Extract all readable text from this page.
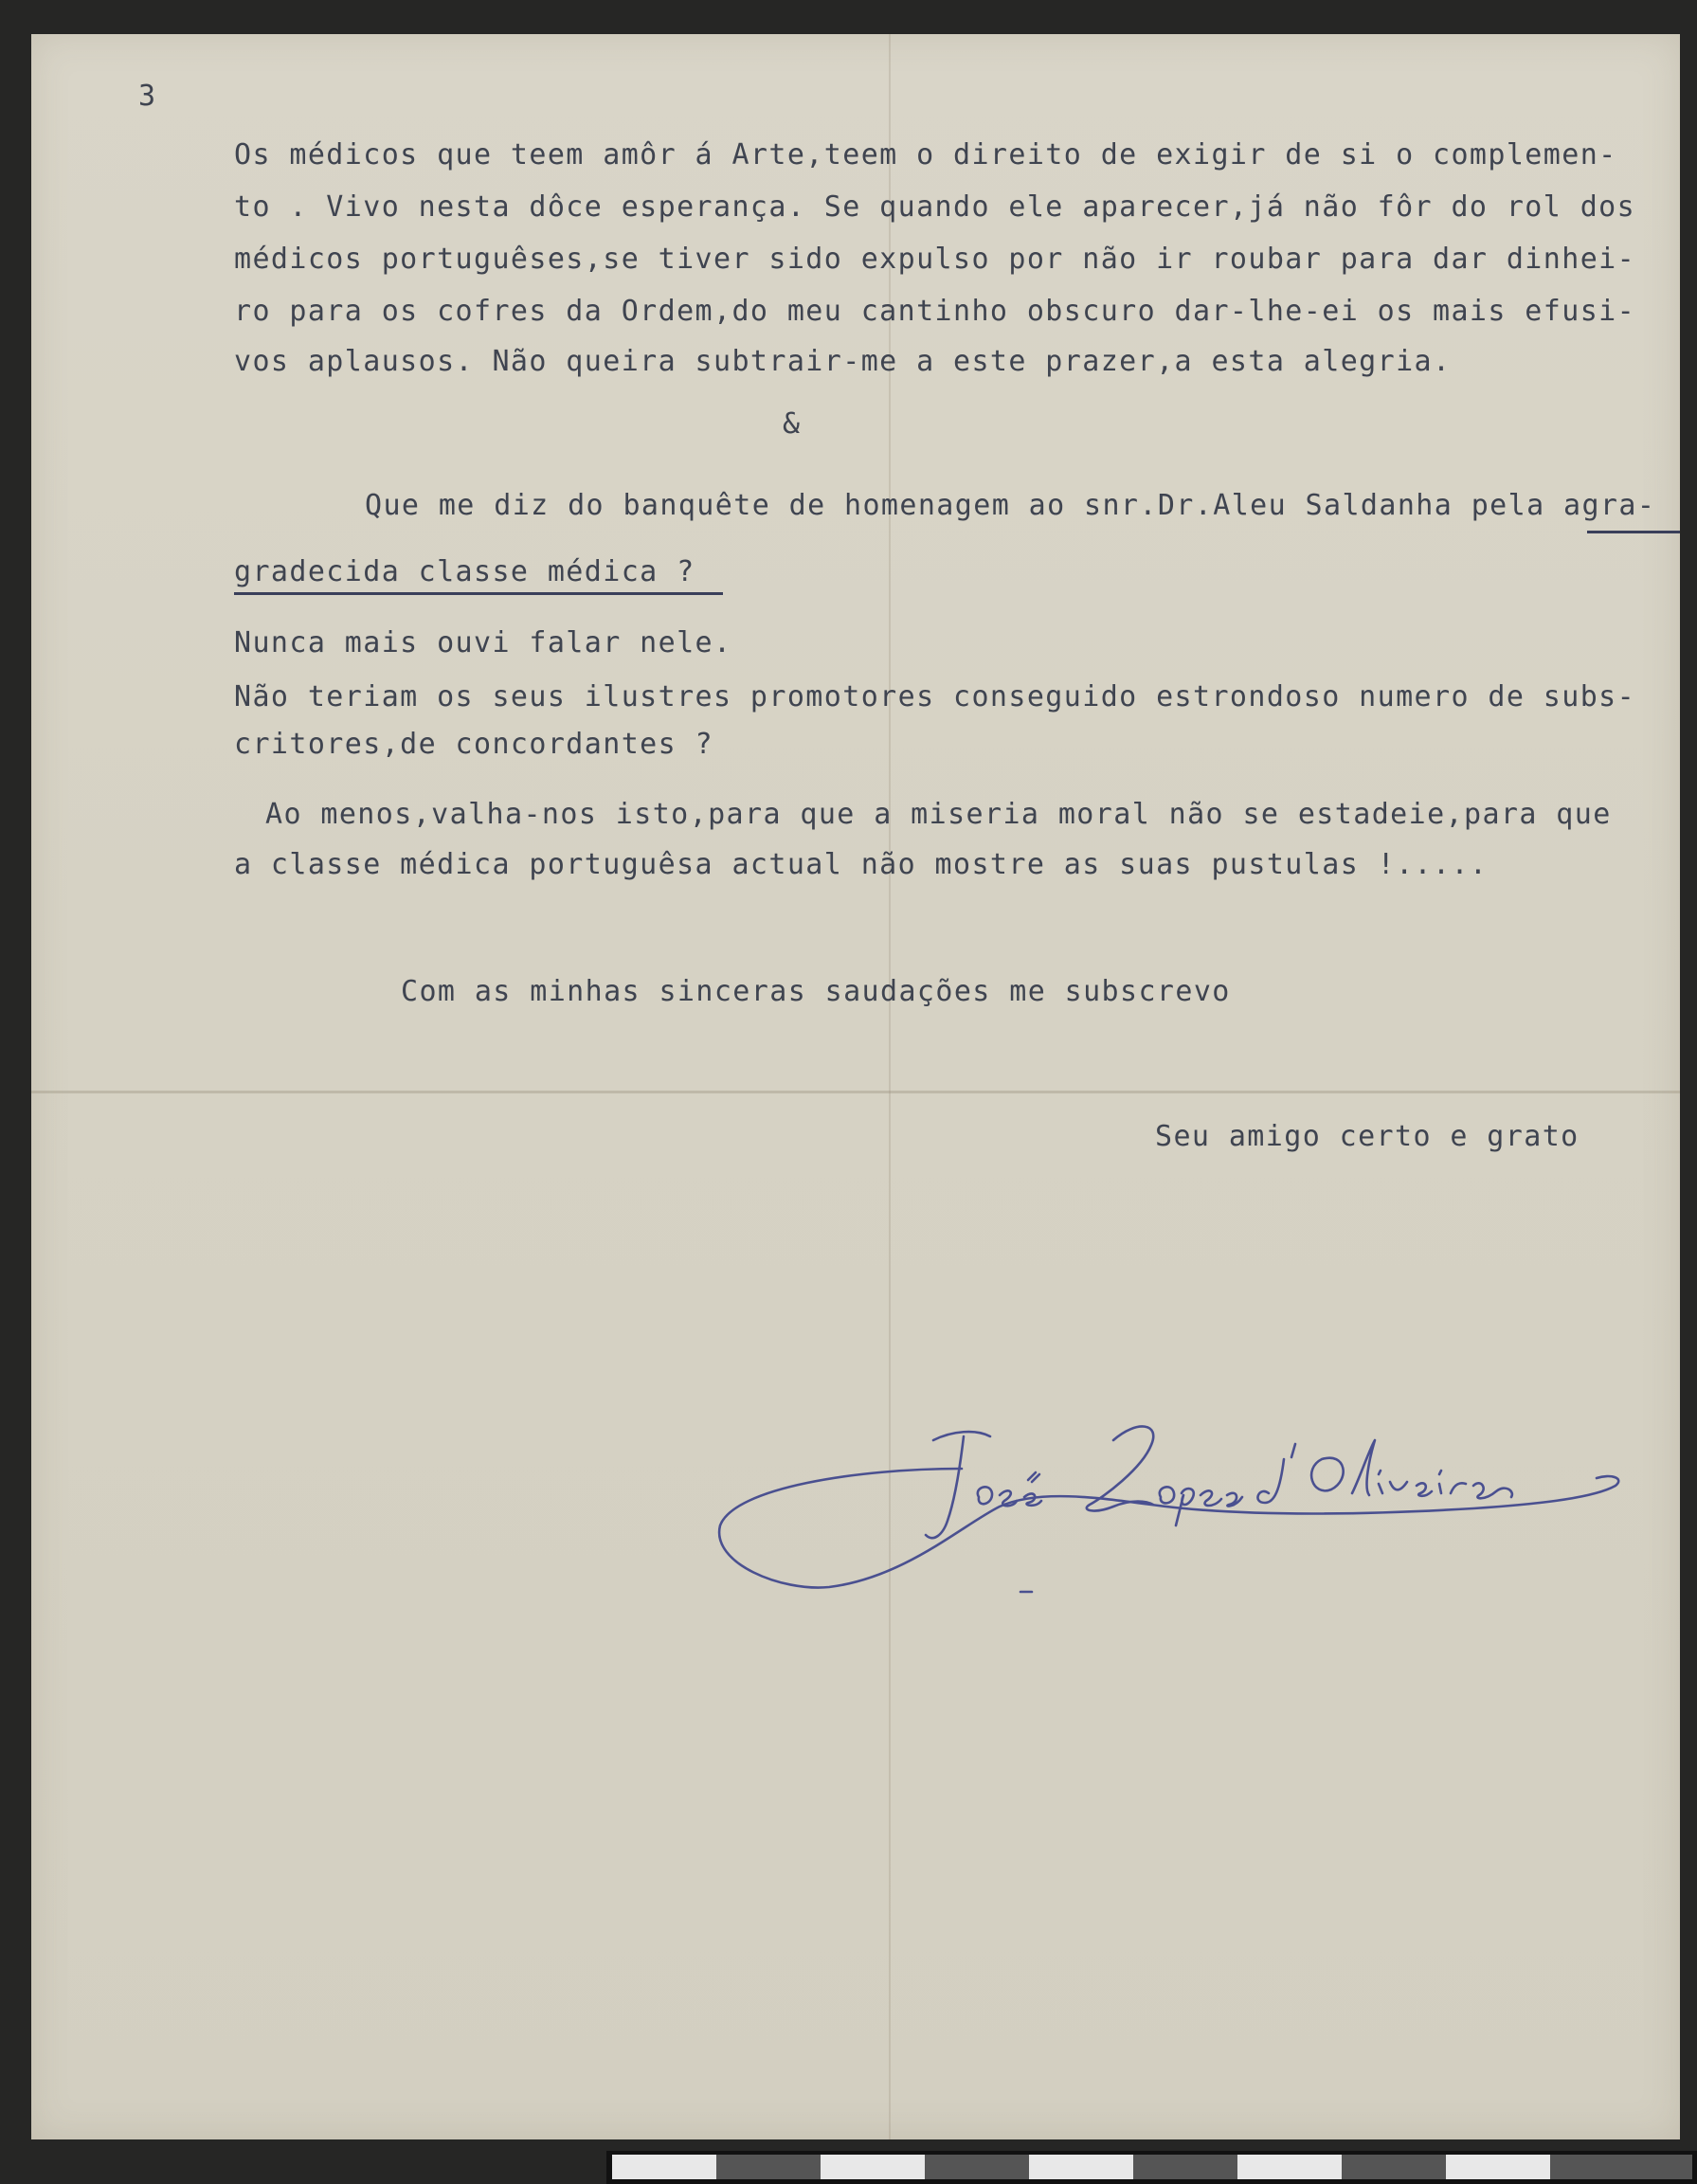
3
Os médicos que teem amôr á Arte,teem o direito de exigir de si o complemen-
to . Vivo nesta dôce esperança. Se quando ele aparecer,já não fôr do rol dos
médicos portuguêses,se tiver sido expulso por não ir roubar para dar dinhei-
ro para os cofres da Ordem,do meu cantinho obscuro dar-lhe-ei os mais efusi-
vos aplausos. Não queira subtrair-me a este prazer,a esta alegria.
&
Que me diz do banquête de homenagem ao snr.Dr.Aleu Saldanha pela agra-
gradecida classe médica ?
Nunca mais ouvi falar nele.
Não teriam os seus ilustres promotores conseguido estrondoso numero de subs-
critores,de concordantes ?
Ao menos,valha-nos isto,para que a miseria moral não se estadeie,para que
a classe médica portuguêsa actual não mostre as suas pustulas !.....
Com as minhas sinceras saudações me subscrevo
Seu amigo certo e grato
